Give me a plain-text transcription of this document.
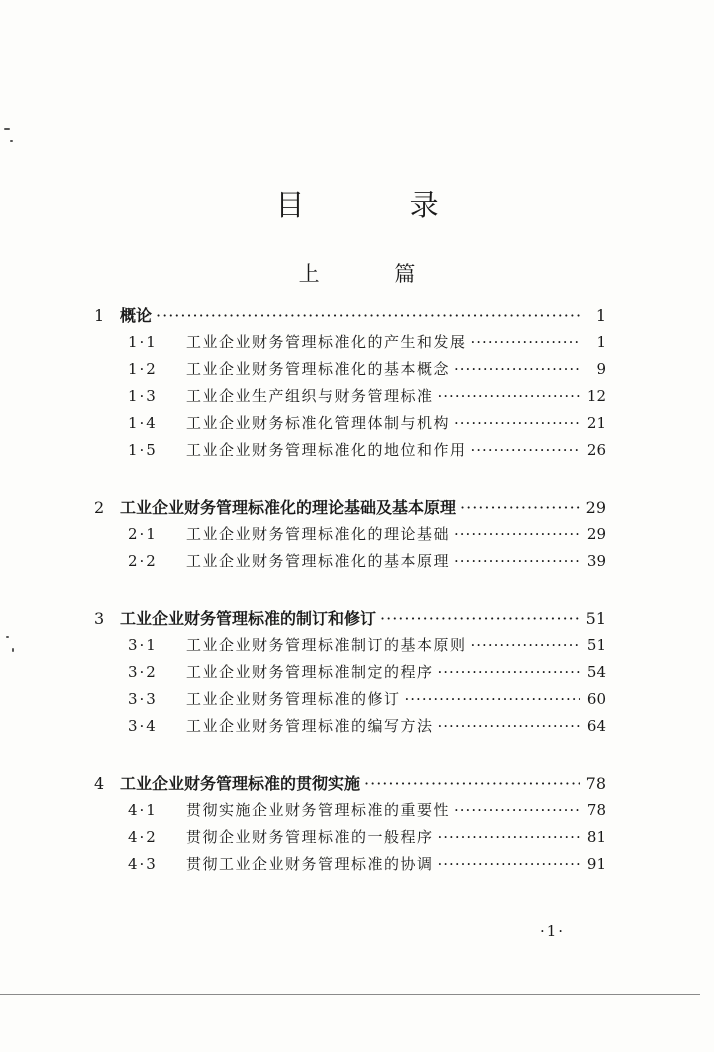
目 录
上 篇
1 概论 ·····	1
1·1	工业企业财务管理标准化的产生和发展 ·····	1
1·2	工业企业财务管理标准化的基本概念 ·····	9
1·3	工业企业生产组织与财务管理标准 ·····	12
1·4	工业企业财务标准化管理体制与机构 ·····	21
1·5	工业企业财务管理标准化的地位和作用 ·····	26
2 工业企业财务管理标准化的理论基础及基本原理 ·····	29
2·1	工业企业财务管理标准化的理论基础 ·····	29
2·2	工业企业财务管理标准化的基本原理 ·····	39
3 工业企业财务管理标准的制订和修订 ·····	51
3·1	工业企业财务管理标准制订的基本原则 ·····	51
3·2	工业企业财务管理标准制定的程序 ·····	54
3·3	工业企业财务管理标准的修订 ·····	60
3·4	工业企业财务管理标准的编写方法 ·····	64
4 工业企业财务管理标准的贯彻实施 ·····	78
4·1	贯彻实施企业财务管理标准的重要性 ·····	78
4·2	贯彻企业财务管理标准的一般程序 ·····	81
4·3	贯彻工业企业财务管理标准的协调 ·····	91
·1·
